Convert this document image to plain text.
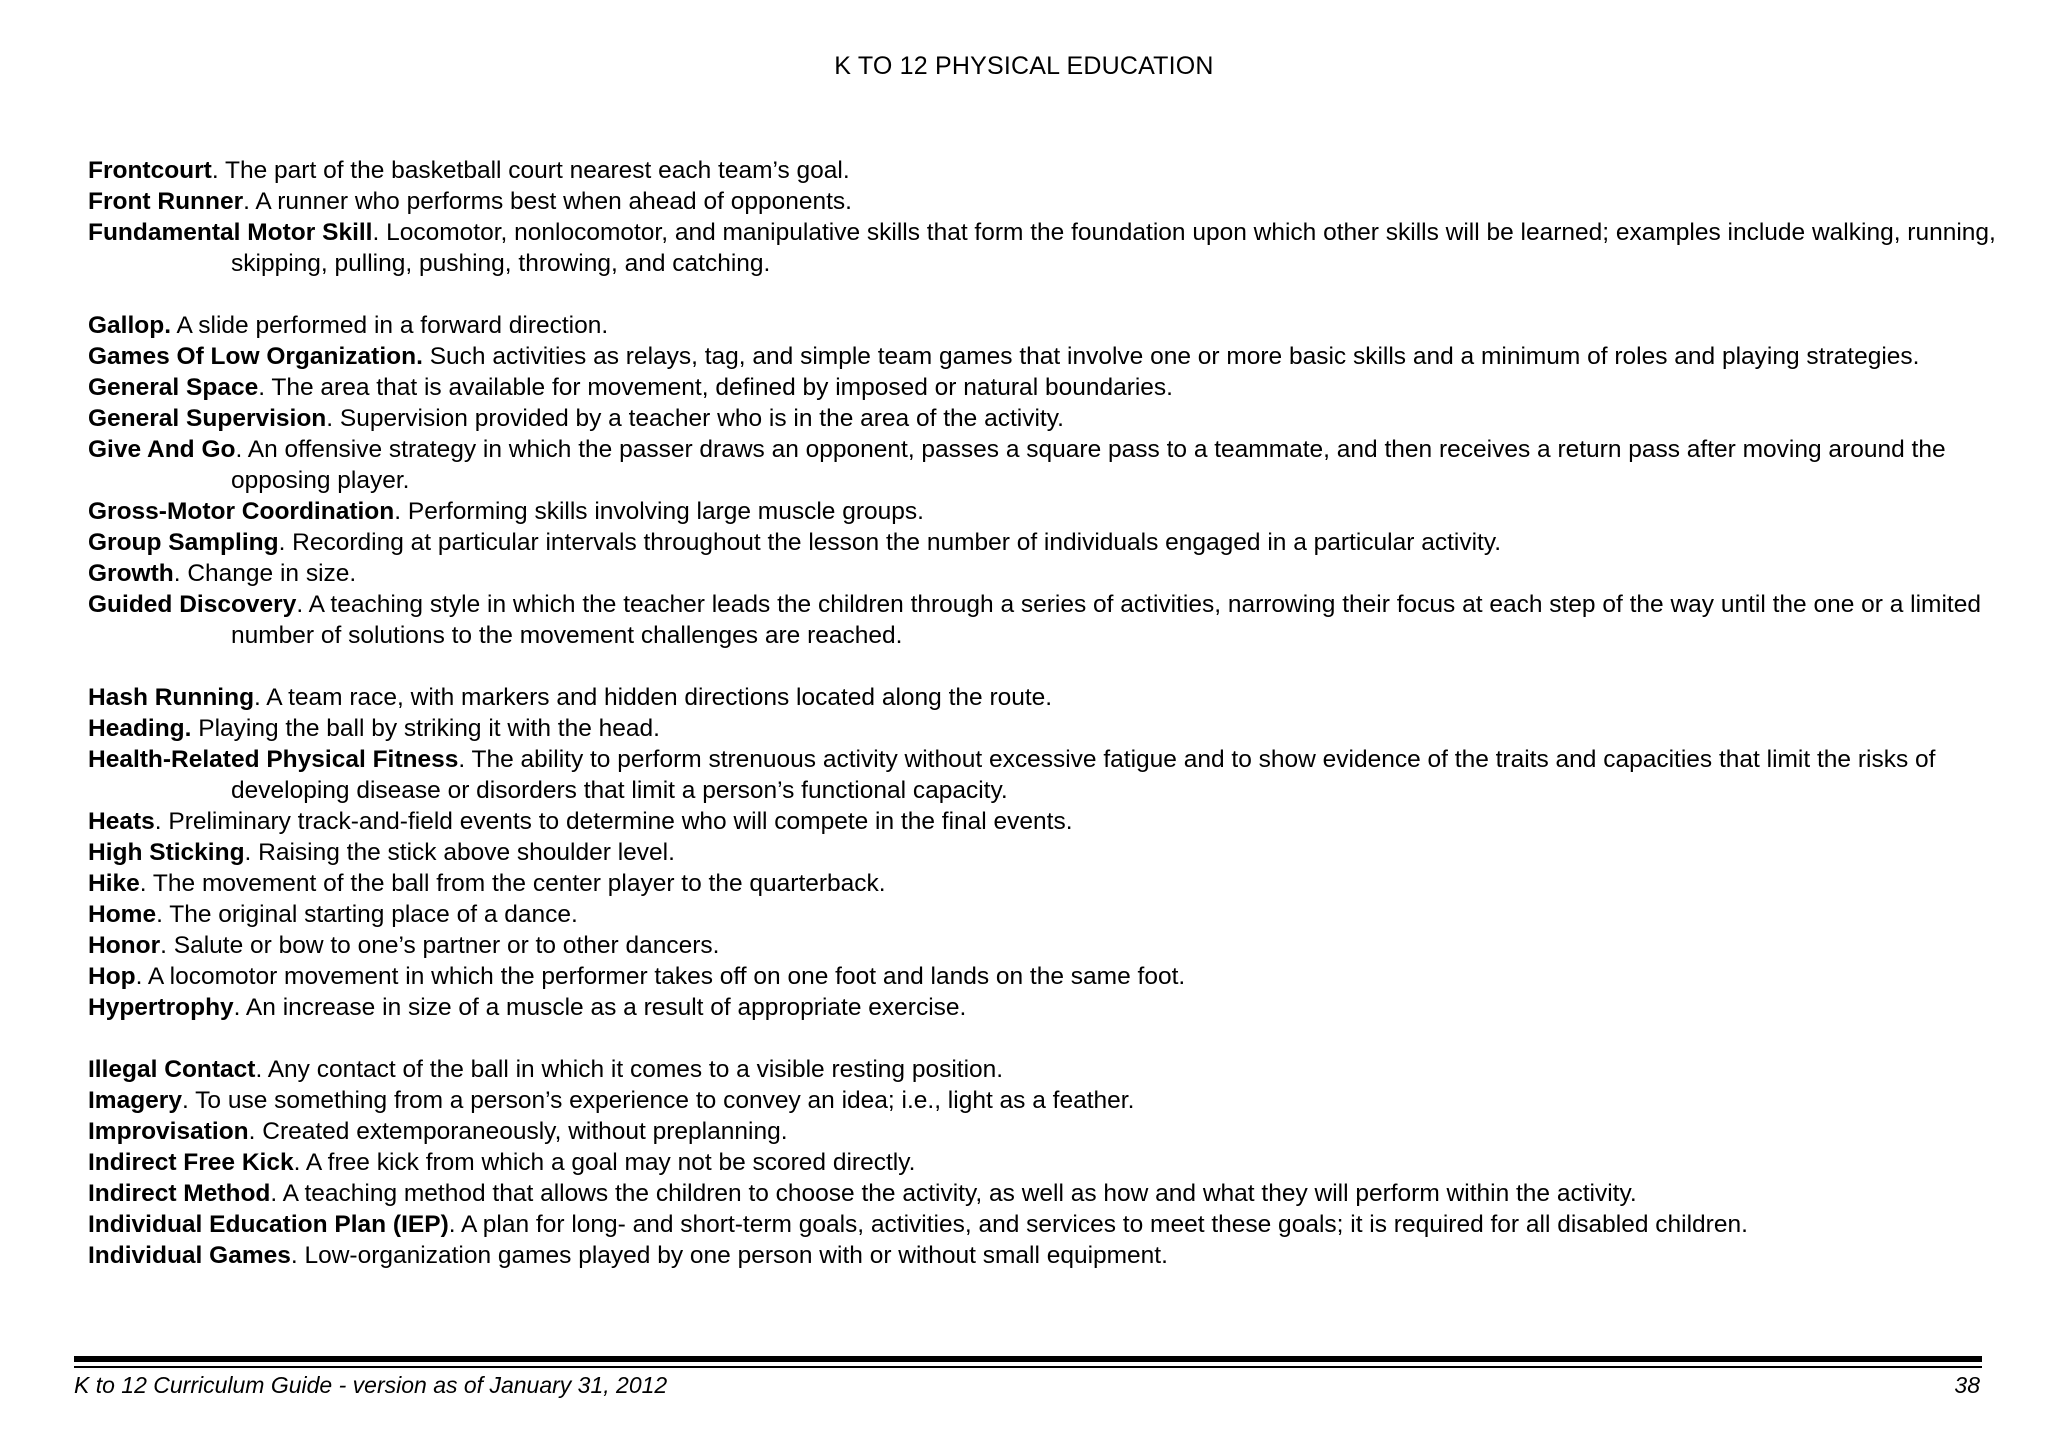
K TO 12 PHYSICAL EDUCATION

Frontcourt. The part of the basketball court nearest each team’s goal.

Front Runner. A runner who performs best when ahead of opponents.

Fundamental Motor Skill. Locomotor, nonlocomotor, and manipulative skills that form the foundation upon which other skills will be learned; examples include walking, running, skipping, pulling, pushing, throwing, and catching.

Gallop. A slide performed in a forward direction.

Games Of Low Organization. Such activities as relays, tag, and simple team games that involve one or more basic skills and a minimum of roles and playing strategies.

General Space. The area that is available for movement, defined by imposed or natural boundaries.

General Supervision. Supervision provided by a teacher who is in the area of the activity.

Give And Go. An offensive strategy in which the passer draws an opponent, passes a square pass to a teammate, and then receives a return pass after moving around the opposing player.

Gross-Motor Coordination. Performing skills involving large muscle groups.

Group Sampling. Recording at particular intervals throughout the lesson the number of individuals engaged in a particular activity.

Growth. Change in size.

Guided Discovery. A teaching style in which the teacher leads the children through a series of activities, narrowing their focus at each step of the way until the one or a limited number of solutions to the movement challenges are reached.

Hash Running. A team race, with markers and hidden directions located along the route.

Heading. Playing the ball by striking it with the head.

Health-Related Physical Fitness. The ability to perform strenuous activity without excessive fatigue and to show evidence of the traits and capacities that limit the risks of developing disease or disorders that limit a person’s functional capacity.

Heats. Preliminary track-and-field events to determine who will compete in the final events.

High Sticking. Raising the stick above shoulder level.

Hike. The movement of the ball from the center player to the quarterback.

Home. The original starting place of a dance.

Honor. Salute or bow to one’s partner or to other dancers.

Hop. A locomotor movement in which the performer takes off on one foot and lands on the same foot.

Hypertrophy. An increase in size of a muscle as a result of appropriate exercise.

Illegal Contact. Any contact of the ball in which it comes to a visible resting position.

Imagery. To use something from a person’s experience to convey an idea; i.e., light as a feather.

Improvisation. Created extemporaneously, without preplanning.

Indirect Free Kick. A free kick from which a goal may not be scored directly.

Indirect Method. A teaching method that allows the children to choose the activity, as well as how and what they will perform within the activity.

Individual Education Plan (IEP). A plan for long- and short-term goals, activities, and services to meet these goals; it is required for all disabled children.

Individual Games. Low-organization games played by one person with or without small equipment.

K to 12 Curriculum Guide - version as of January 31, 2012	38
